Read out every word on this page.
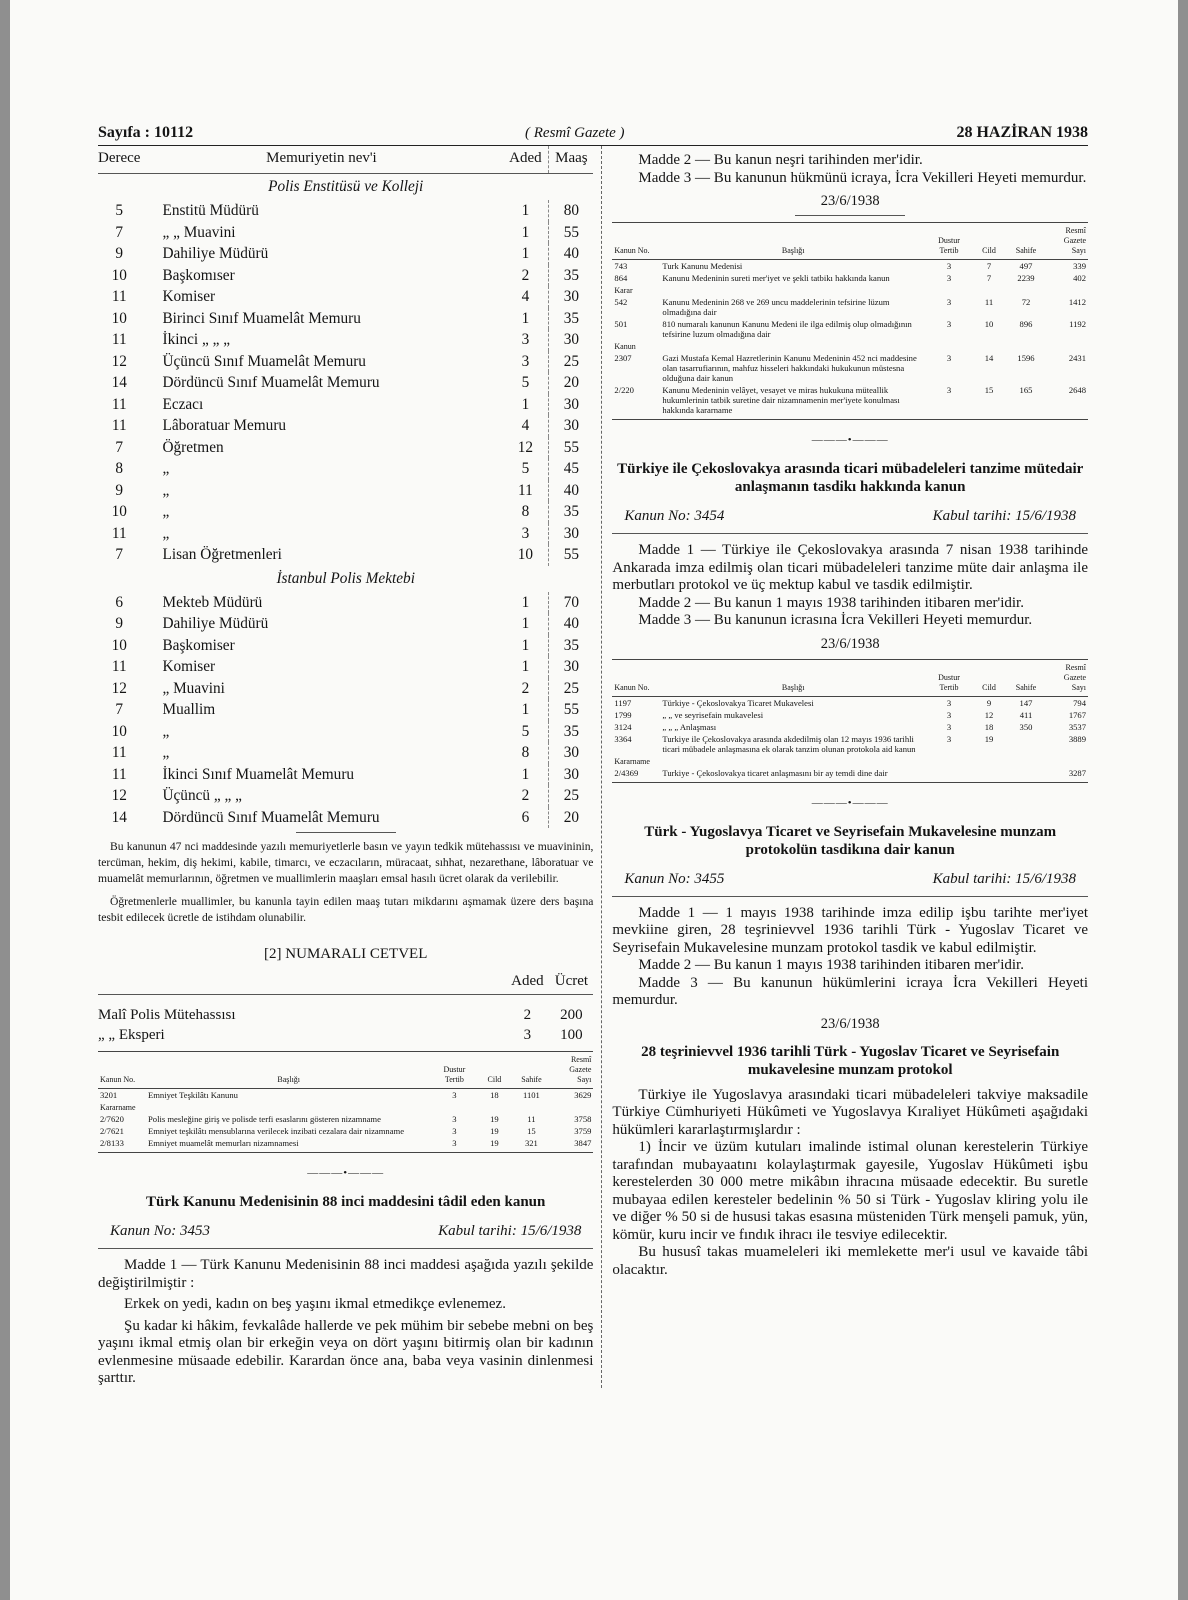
Sayıfa : 10112	( Resmî Gazete )	28 HAZİRAN 1938
Derece	Memuriyetin nev'i	Aded	Maaş
Polis Enstitüsü ve Kolleji			
5	Enstitü Müdürü	1	80
7	„ „ Muavini	1	55
9	Dahiliye Müdürü	1	40
10	Başkomıser	2	35
11	Komiser	4	30
10	Birinci Sınıf Muamelât Memuru	1	35
11	İkinci „ „ „	3	30
12	Üçüncü Sınıf Muamelât Memuru	3	25
14	Dördüncü Sınıf Muamelât Memuru	5	20
11	Eczacı	1	30
11	Lâboratuar Memuru	4	30
7	Öğretmen	12	55
8	„	5	45
9	„	11	40
10	„	8	35
11	„	3	30
7	Lisan Öğretmenleri	10	55
İstanbul Polis Mektebi			
6	Mekteb Müdürü	1	70
9	Dahiliye Müdürü	1	40
10	Başkomiser	1	35
11	Komiser	1	30
12	„ Muavini	2	25
7	Muallim	1	55
10	„	5	35
11	„	8	30
11	İkinci Sınıf Muamelât Memuru	1	30
12	Üçüncü „ „ „	2	25
14	Dördüncü Sınıf Muamelât Memuru	6	20

Bu kanunun 47 nci maddesinde yazılı memuriyetlerle basın ve yayın tedkik mütehassısı ve muavininin, tercüman, hekim, diş hekimi, kabile, timarcı, ve eczacıların, müracaat, sıhhat, nezarethane, lâboratuar ve muamelât memurlarının, öğretmen ve muallimlerin maaşları emsal hasılı ücret olarak da verilebilir.

Öğretmenlerle muallimler, bu kanunla tayin edilen maaş tutarı mikdarını aşmamak üzere ders başına tesbit edilecek ücretle de istihdam olunabilir.

[2] NUMARALI CETVEL
Aded Ücret
Malî Polis Mütehassısı	2	200
„ „ Eksperi	3	100
Kanun No.	Başlığı	Dustur Tertib	Cild	Sahife	Resmî Gazete Sayı
3201	Emniyet Teşkilâtı Kanunu	3	18	1101	3629
Kararname					
2/7620	Polis mesleğine giriş ve polisde terfi esaslarını gösteren nizamname	3	19	11	3758
2/7621	Emniyet teşkilâtı mensublarına verilecek inzibati cezalara dair nizamname	3	19	15	3759
2/8133	Emniyet muamelât memurları nizamnamesi	3	19	321	3847
———•———
Türk Kanunu Medenisinin 88 inci maddesini tâdil eden kanun
Kanun No: 3453	Kabul tarihi: 15/6/1938

Madde 1 — Türk Kanunu Medenisinin 88 inci maddesi aşağıda yazılı şekilde değiştirilmiştir :

Erkek on yedi, kadın on beş yaşını ikmal etmedikçe evlenemez.

Şu kadar ki hâkim, fevkalâde hallerde ve pek mühim bir sebebe mebni on beş yaşını ikmal etmiş olan bir erkeğin veya on dört yaşını bitirmiş olan bir kadının evlenmesine müsaade edebilir. Karardan önce ana, baba veya vasinin dinlenmesi şarttır.

Madde 2 — Bu kanun neşri tarihinden mer'idir.

Madde 3 — Bu kanunun hükmünü icraya, İcra Vekilleri Heyeti memurdur.

23/6/1938
Kanun No.	Başlığı	Dustur Tertib	Cild	Sahife	Resmî Gazete Sayı
743	Turk Kanunu Medenisi	3	7	497	339
864	Kanunu Medeninin sureti mer'iyet ve şekli tatbikı hakkında kanun	3	7	2239	402
Karar					
542	Kanunu Medeninin 268 ve 269 uncu maddelerinin tefsirine lüzum olmadığına dair	3	11	72	1412
501	810 numaralı kanunun Kanunu Medeni ile ilga edilmiş olup olmadığının tefsirine luzum olmadığına dair	3	10	896	1192
Kanun					
2307	Gazi Mustafa Kemal Hazretlerinin Kanunu Medeninin 452 nci maddesine olan tasarrufiarının, mahfuz hisseleri hakkındaki hukukunun müstesna olduğuna dair kanun	3	14	1596	2431
2/220	Kanunu Medeninin velâyet, vesayet ve miras hukukuna müteallik hukumlerinin tatbik suretine dair nizamnamenin mer'iyete konulması hakkında kararname	3	15	165	2648
———•———
Türkiye ile Çekoslovakya arasında ticari mübadeleleri tanzime mütedair anlaşmanın tasdikı hakkında kanun
Kanun No: 3454	Kabul tarihi: 15/6/1938

Madde 1 — Türkiye ile Çekoslovakya arasında 7 nisan 1938 tarihinde Ankarada imza edilmiş olan ticari mübadeleleri tanzime müte dair anlaşma ile merbutları protokol ve üç mektup kabul ve tasdik edilmiştir.

Madde 2 — Bu kanun 1 mayıs 1938 tarihinden itibaren mer'idir.

Madde 3 — Bu kanunun icrasına İcra Vekilleri Heyeti memurdur.

23/6/1938
Kanun No.	Başlığı	Dustur Tertib	Cild	Sahife	Resmî Gazete Sayı
1197	Türkiye - Çekoslovakya Ticaret Mukavelesi	3	9	147	794
1799	„ „ ve seyrisefain mukavelesi	3	12	411	1767
3124	„ „ „ Anlaşması	3	18	350	3537
3364	Turkiye ile Çekoslovakya arasında akdedilmiş olan 12 mayıs 1936 tarihli ticari mübadele anlaşmasına ek olarak tanzim olunan protokola aid kanun	3	19		3889
Kararname					
2/4369	Turkiye - Çekoslovakya ticaret anlaşmasını bir ay temdi dine dair				3287
———•———
Türk - Yugoslavya Ticaret ve Seyrisefain Mukavelesine munzam protokolün tasdikına dair kanun
Kanun No: 3455	Kabul tarihi: 15/6/1938

Madde 1 — 1 mayıs 1938 tarihinde imza edilip işbu tarihte mer'iyet mevkiine giren, 28 teşrinievvel 1936 tarihli Türk - Yugoslav Ticaret ve Seyrisefain Mukavelesine munzam protokol tasdik ve kabul edilmiştir.

Madde 2 — Bu kanun 1 mayıs 1938 tarihinden itibaren mer'idir.

Madde 3 — Bu kanunun hükümlerini icraya İcra Vekilleri Heyeti memurdur.

23/6/1938
28 teşrinievvel 1936 tarihli Türk - Yugoslav Ticaret ve Seyrisefain mukavelesine munzam protokol

Türkiye ile Yugoslavya arasındaki ticari mübadeleleri takviye maksadile Türkiye Cümhuriyeti Hükûmeti ve Yugoslavya Kıraliyet Hükûmeti aşağıdaki hükümleri kararlaştırmışlardır :

1) İncir ve üzüm kutuları imalinde istimal olunan kerestelerin Türkiye tarafından mubayaatını kolaylaştırmak gayesile, Yugoslav Hükûmeti işbu kerestelerden 30 000 metre mikâbın ihracına müsaade edecektir. Bu suretle mubayaa edilen keresteler bedelinin % 50 si Türk - Yugoslav kliring yolu ile ve diğer % 50 si de hususi takas esasına müsteniden Türk menşeli pamuk, yün, kömür, kuru incir ve fındık ihracı ile tesviye edilecektir.

Bu hususî takas muameleleri iki memlekette mer'i usul ve kavaide tâbi olacaktır.
